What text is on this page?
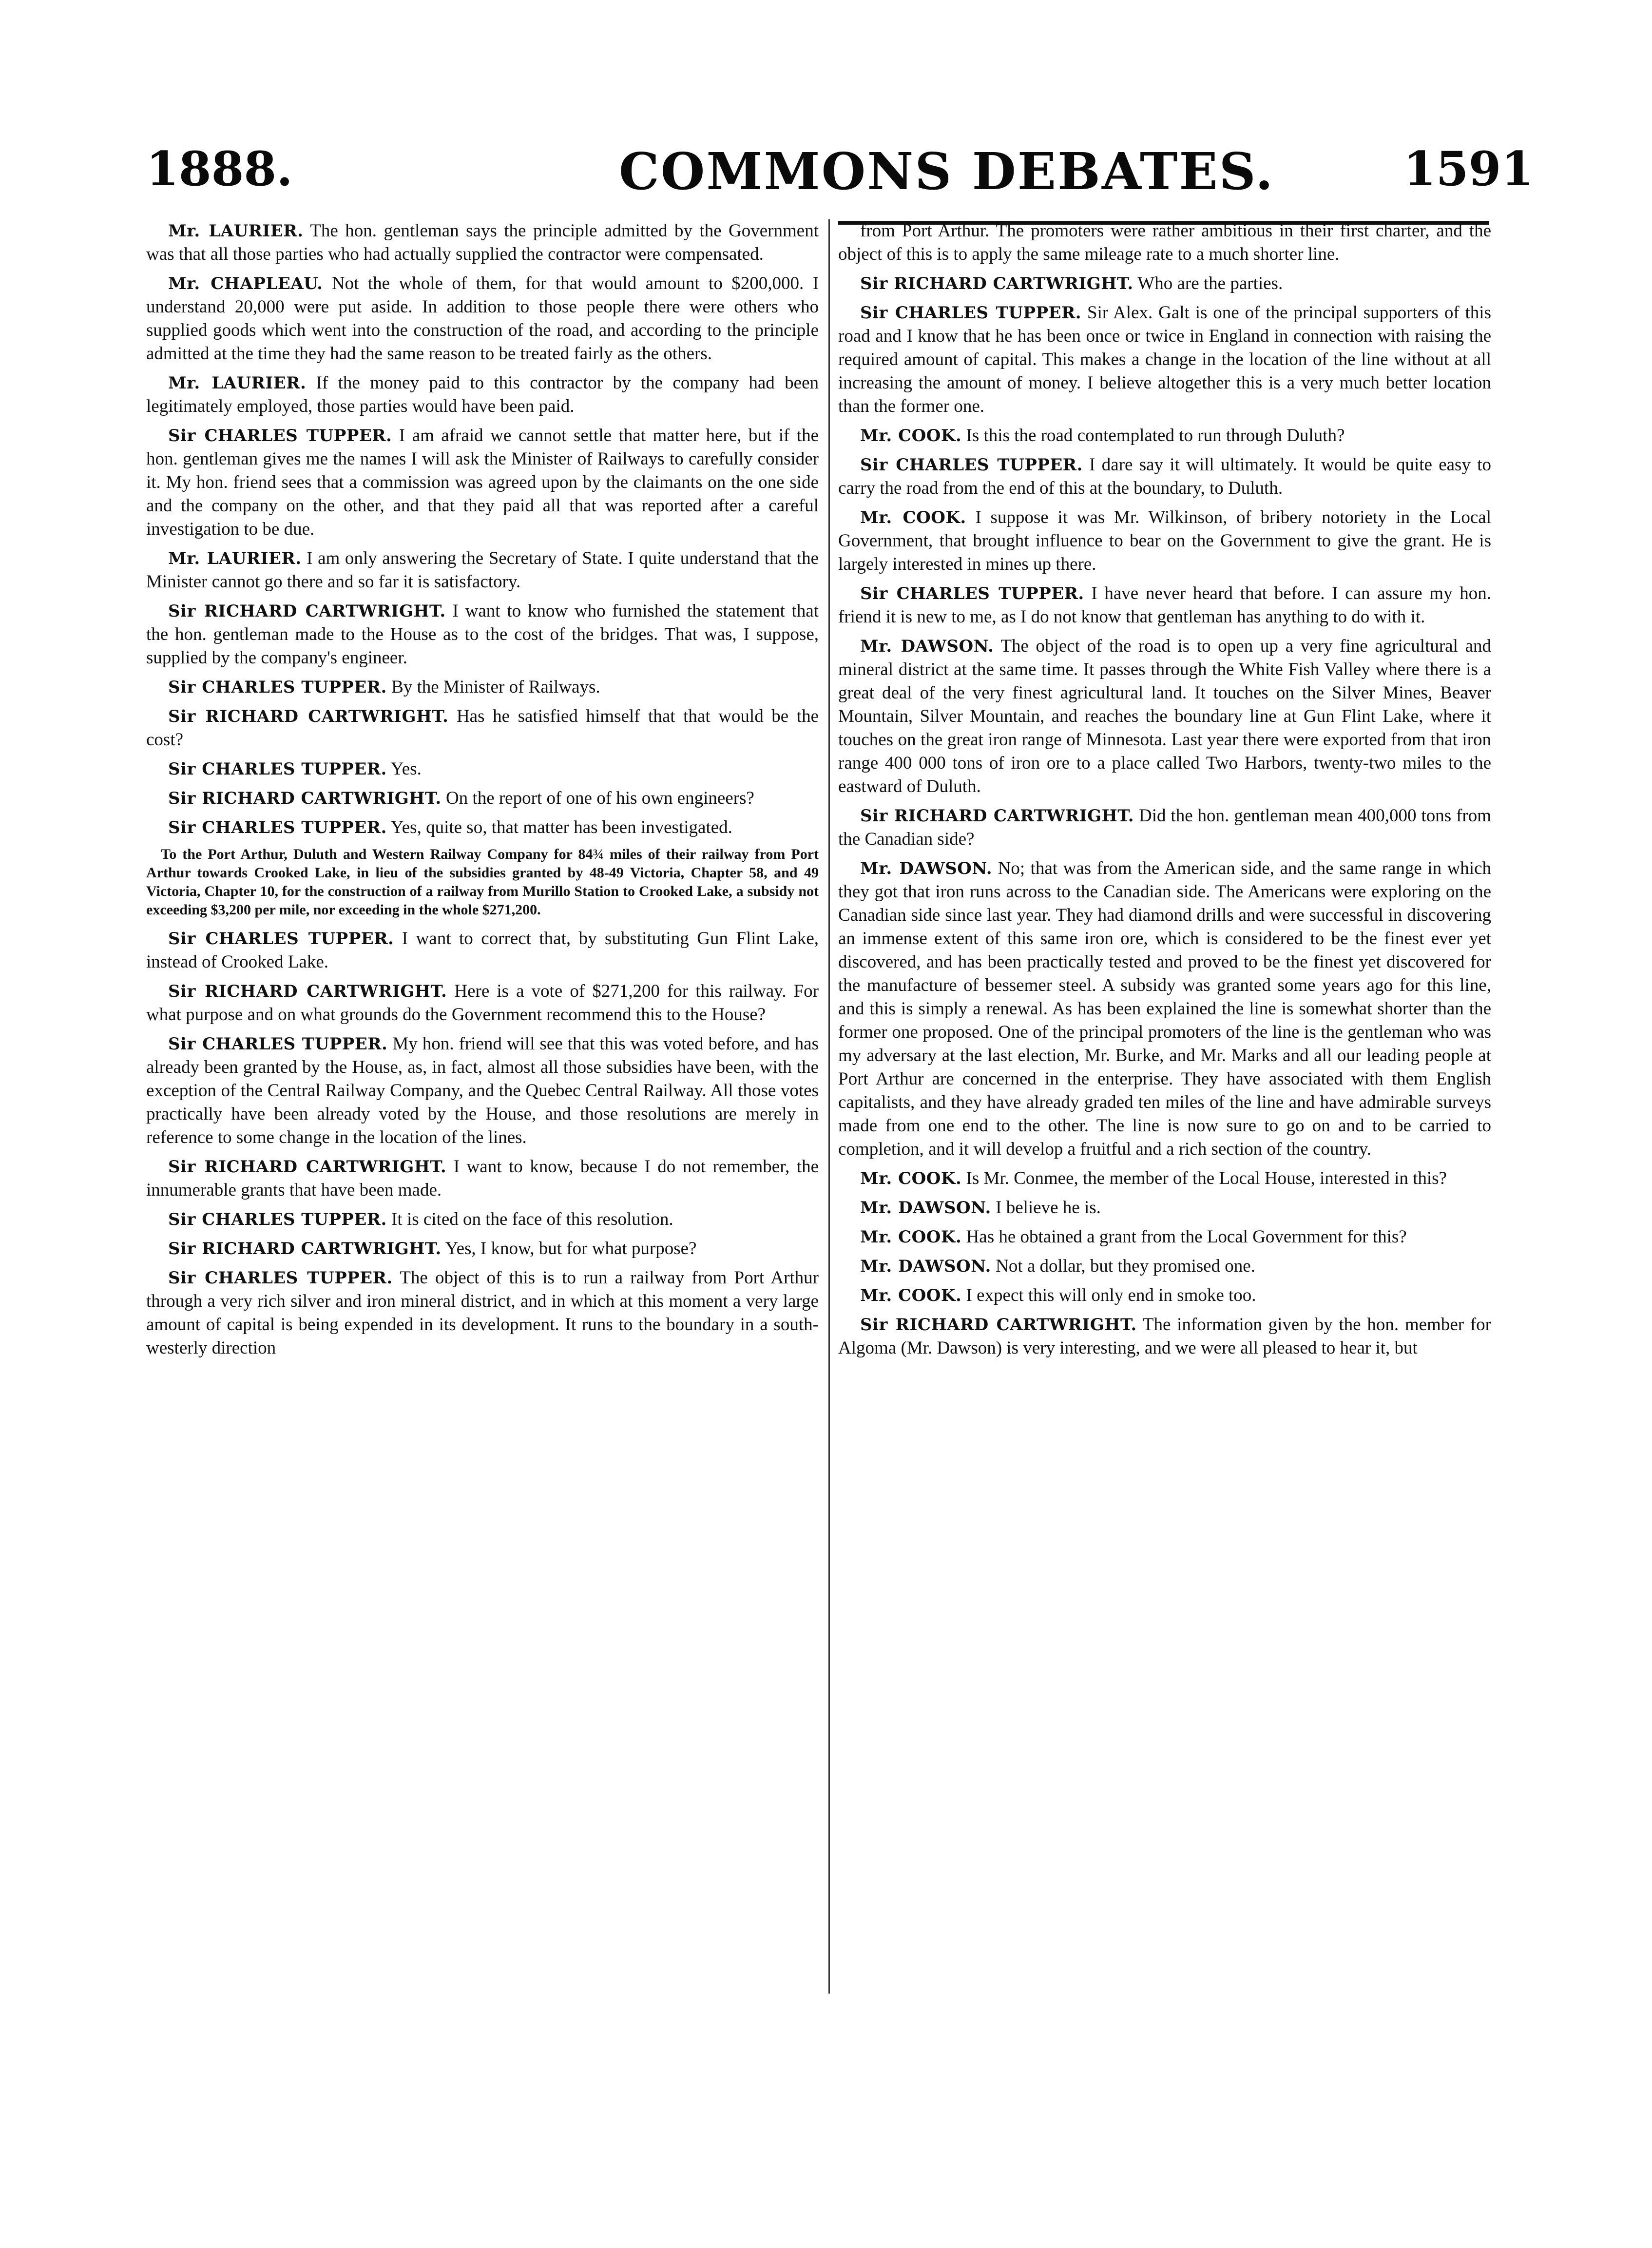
1888.	COMMONS DEBATES.	1591

Mr. LAURIER. The hon. gentleman says the principle admitted by the Government was that all those parties who had actually supplied the contractor were compensated.

Mr. CHAPLEAU. Not the whole of them, for that would amount to $200,000. I understand 20,000 were put aside. In addition to those people there were others who supplied goods which went into the construction of the road, and according to the principle admitted at the time they had the same reason to be treated fairly as the others.

Mr. LAURIER. If the money paid to this contractor by the company had been legitimately employed, those parties would have been paid.

Sir CHARLES TUPPER. I am afraid we cannot settle that matter here, but if the hon. gentleman gives me the names I will ask the Minister of Railways to carefully consider it. My hon. friend sees that a commission was agreed upon by the claimants on the one side and the company on the other, and that they paid all that was reported after a careful investigation to be due.

Mr. LAURIER. I am only answering the Secretary of State. I quite understand that the Minister cannot go there and so far it is satisfactory.

Sir RICHARD CARTWRIGHT. I want to know who furnished the statement that the hon. gentleman made to the House as to the cost of the bridges. That was, I suppose, supplied by the company's engineer.

Sir CHARLES TUPPER. By the Minister of Railways.

Sir RICHARD CARTWRIGHT. Has he satisfied himself that that would be the cost?

Sir CHARLES TUPPER. Yes.

Sir RICHARD CARTWRIGHT. On the report of one of his own engineers?

Sir CHARLES TUPPER. Yes, quite so, that matter has been investigated.

To the Port Arthur, Duluth and Western Railway Company for 84¾ miles of their railway from Port Arthur towards Crooked Lake, in lieu of the subsidies granted by 48-49 Victoria, Chapter 58, and 49 Victoria, Chapter 10, for the construction of a railway from Murillo Station to Crooked Lake, a subsidy not exceeding $3,200 per mile, nor exceeding in the whole $271,200.

Sir CHARLES TUPPER. I want to correct that, by substituting Gun Flint Lake, instead of Crooked Lake.

Sir RICHARD CARTWRIGHT. Here is a vote of $271,200 for this railway. For what purpose and on what grounds do the Government recommend this to the House?

Sir CHARLES TUPPER. My hon. friend will see that this was voted before, and has already been granted by the House, as, in fact, almost all those subsidies have been, with the exception of the Central Railway Company, and the Quebec Central Railway. All those votes practically have been already voted by the House, and those resolutions are merely in reference to some change in the location of the lines.

Sir RICHARD CARTWRIGHT. I want to know, because I do not remember, the innumerable grants that have been made.

Sir CHARLES TUPPER. It is cited on the face of this resolution.

Sir RICHARD CARTWRIGHT. Yes, I know, but for what purpose?

Sir CHARLES TUPPER. The object of this is to run a railway from Port Arthur through a very rich silver and iron mineral district, and in which at this moment a very large amount of capital is being expended in its development. It runs to the boundary in a south-westerly direction

from Port Arthur. The promoters were rather ambitious in their first charter, and the object of this is to apply the same mileage rate to a much shorter line.

Sir RICHARD CARTWRIGHT. Who are the parties.

Sir CHARLES TUPPER. Sir Alex. Galt is one of the principal supporters of this road and I know that he has been once or twice in England in connection with raising the required amount of capital. This makes a change in the location of the line without at all increasing the amount of money. I believe altogether this is a very much better location than the former one.

Mr. COOK. Is this the road contemplated to run through Duluth?

Sir CHARLES TUPPER. I dare say it will ultimately. It would be quite easy to carry the road from the end of this at the boundary, to Duluth.

Mr. COOK. I suppose it was Mr. Wilkinson, of bribery notoriety in the Local Government, that brought influence to bear on the Government to give the grant. He is largely interested in mines up there.

Sir CHARLES TUPPER. I have never heard that before. I can assure my hon. friend it is new to me, as I do not know that gentleman has anything to do with it.

Mr. DAWSON. The object of the road is to open up a very fine agricultural and mineral district at the same time. It passes through the White Fish Valley where there is a great deal of the very finest agricultural land. It touches on the Silver Mines, Beaver Mountain, Silver Mountain, and reaches the boundary line at Gun Flint Lake, where it touches on the great iron range of Minnesota. Last year there were exported from that iron range 400 000 tons of iron ore to a place called Two Harbors, twenty-two miles to the eastward of Duluth.

Sir RICHARD CARTWRIGHT. Did the hon. gentleman mean 400,000 tons from the Canadian side?

Mr. DAWSON. No; that was from the American side, and the same range in which they got that iron runs across to the Canadian side. The Americans were exploring on the Canadian side since last year. They had diamond drills and were successful in discovering an immense extent of this same iron ore, which is considered to be the finest ever yet discovered, and has been practically tested and proved to be the finest yet discovered for the manufacture of bessemer steel. A subsidy was granted some years ago for this line, and this is simply a renewal. As has been explained the line is somewhat shorter than the former one proposed. One of the principal promoters of the line is the gentleman who was my adversary at the last election, Mr. Burke, and Mr. Marks and all our leading people at Port Arthur are concerned in the enterprise. They have associated with them English capitalists, and they have already graded ten miles of the line and have admirable surveys made from one end to the other. The line is now sure to go on and to be carried to completion, and it will develop a fruitful and a rich section of the country.

Mr. COOK. Is Mr. Conmee, the member of the Local House, interested in this?

Mr. DAWSON. I believe he is.

Mr. COOK. Has he obtained a grant from the Local Government for this?

Mr. DAWSON. Not a dollar, but they promised one.

Mr. COOK. I expect this will only end in smoke too.

Sir RICHARD CARTWRIGHT. The information given by the hon. member for Algoma (Mr. Dawson) is very interesting, and we were all pleased to hear it, but
